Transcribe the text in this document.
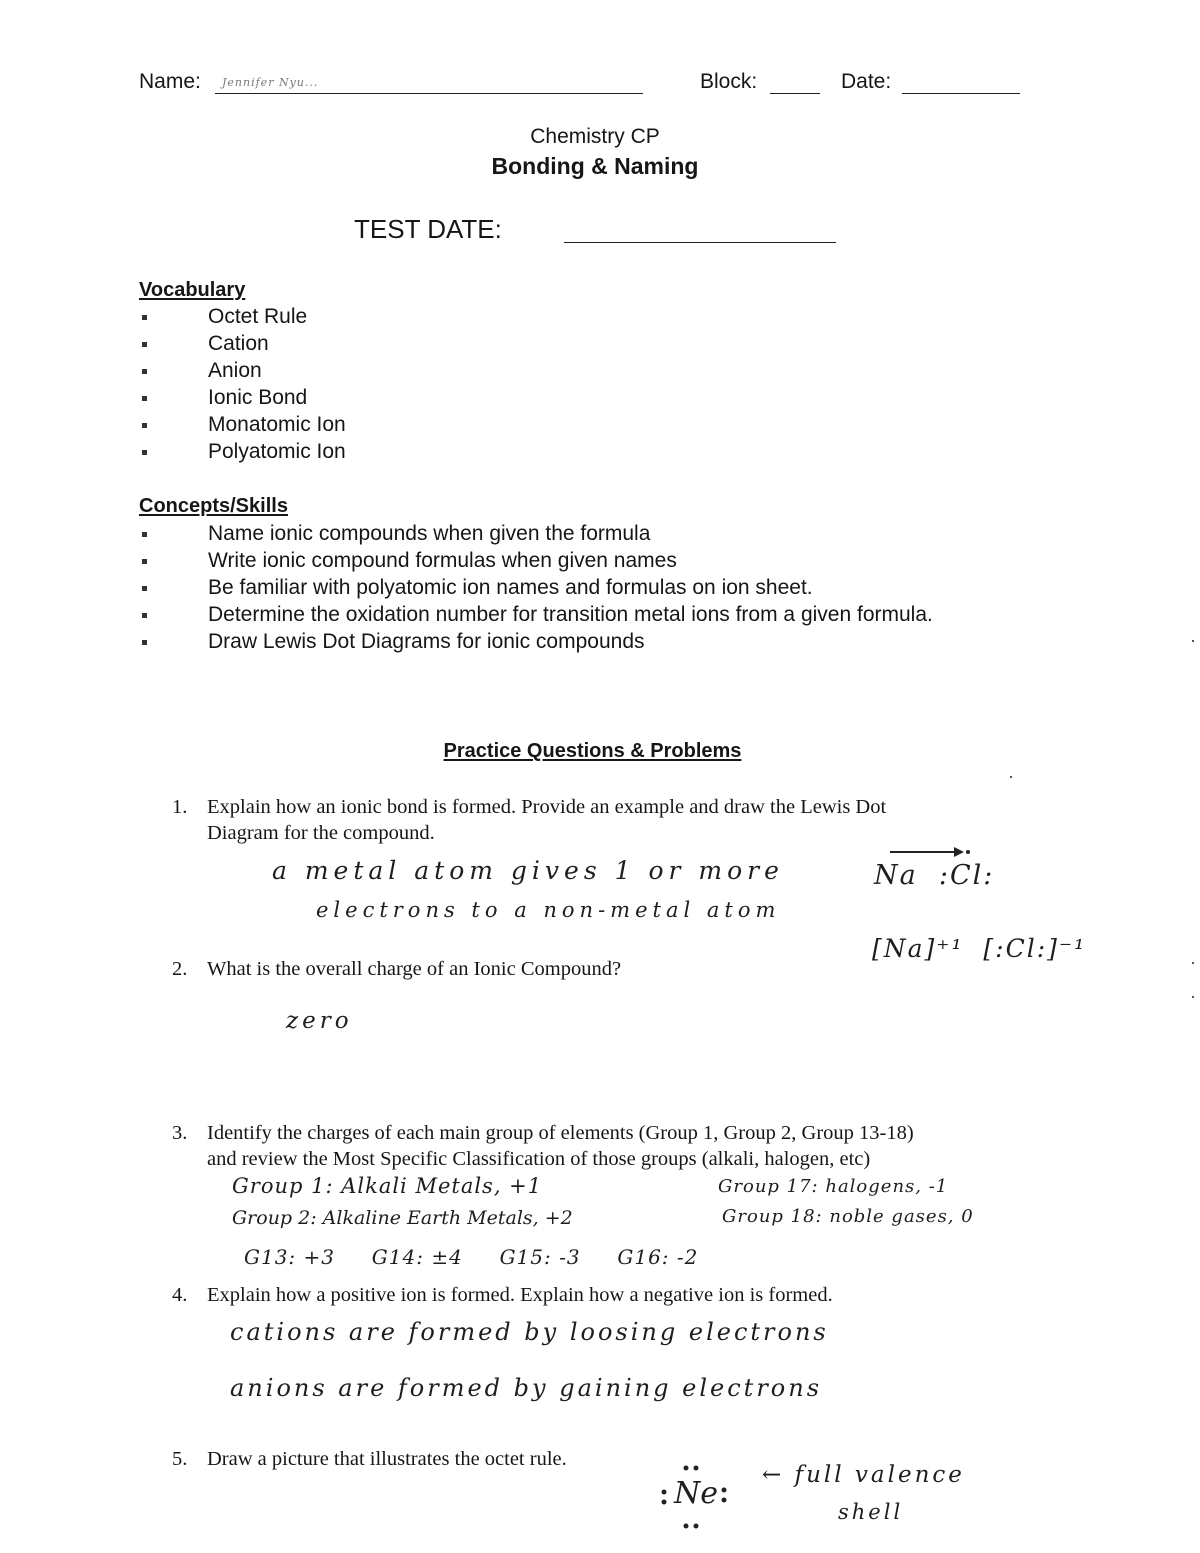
Name: Jennifer Nyu...	Block:	Date:
Chemistry CP
Bonding & Naming
TEST DATE:
Vocabulary
Octet Rule
Cation
Anion
Ionic Bond
Monatomic Ion
Polyatomic Ion
Concepts/Skills
Name ionic compounds when given the formula
Write ionic compound formulas when given names
Be familiar with polyatomic ion names and formulas on ion sheet.
Determine the oxidation number for transition metal ions from a given formula.
Draw Lewis Dot Diagrams for ionic compounds
Practice Questions & Problems
1. Explain how an ionic bond is formed. Provide an example and draw the Lewis Dot
Diagram for the compound.
a metal atom gives 1 or more
electrons to a non-metal atom
Na  :Cl:
[Na]⁺¹  [:Cl:]⁻¹
2. What is the overall charge of an Ionic Compound?
zero
3. Identify the charges of each main group of elements (Group 1, Group 2, Group 13-18)
and review the Most Specific Classification of those groups (alkali, halogen, etc)
Group 1: Alkali Metals, +1	Group 17: halogens, -1
Group 2: Alkaline Earth Metals, +2	Group 18: noble gases, 0
G13: +3     G14: ±4     G15: -3     G16: -2
4. Explain how a positive ion is formed. Explain how a negative ion is formed.
cations are formed by loosing electrons
anions are formed by gaining electrons
5. Draw a picture that illustrates the octet rule.
Ne
← full valence
shell
